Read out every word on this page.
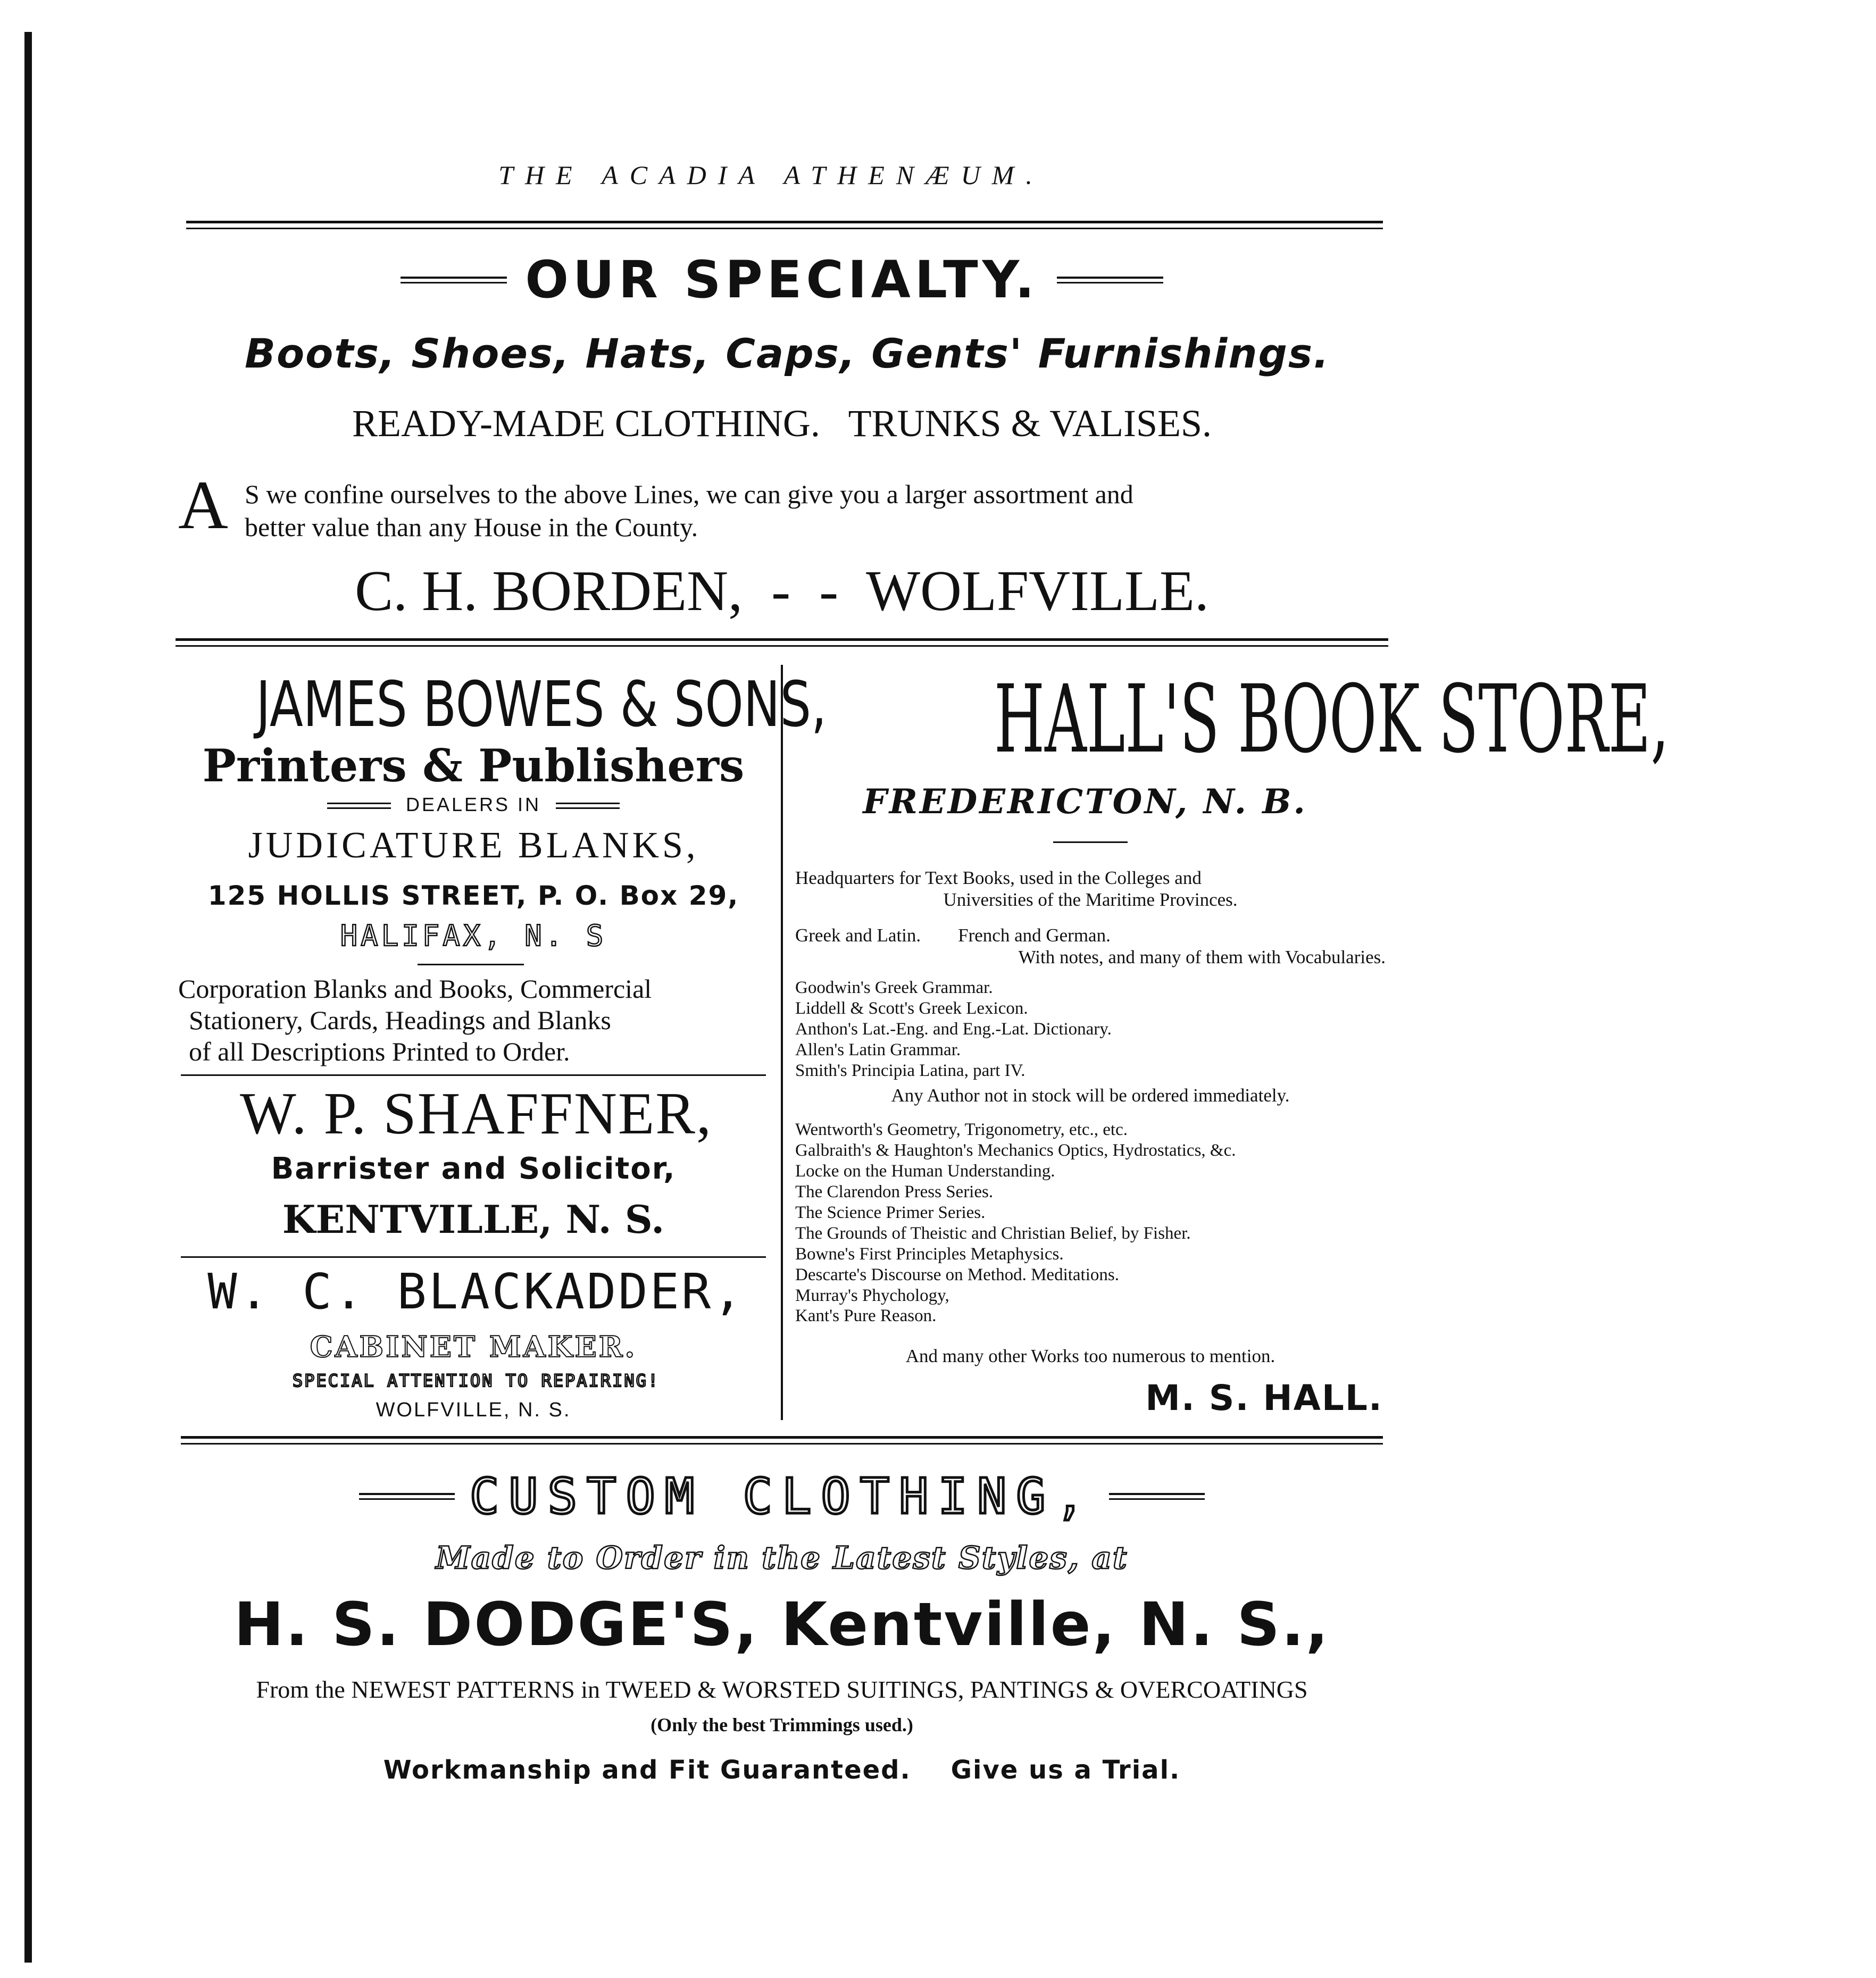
THE ACADIA ATHENÆUM.
OUR SPECIALTY.
Boots, Shoes, Hats, Caps, Gents' Furnishings.
READY-MADE CLOTHING.   TRUNKS & VALISES.
A S we confine ourselves to the above Lines, we can give you a larger assortment and
better value than any House in the County.
C. H. BORDEN,  -  -  WOLFVILLE.
JAMES BOWES & SONS,
Printers & Publishers
DEALERS IN
JUDICATURE BLANKS,
125 HOLLIS STREET, P. O. Box 29,
HALIFAX, N. S
Corporation Blanks and Books, Commercial
Stationery, Cards, Headings and Blanks
of all Descriptions Printed to Order.
W. P. SHAFFNER,
Barrister and Solicitor,
KENTVILLE, N. S.
W. C. BLACKADDER,
CABINET MAKER.
SPECIAL ATTENTION TO REPAIRING!
WOLFVILLE, N. S.
HALL'S BOOK STORE,
FREDERICTON, N. B.
Headquarters for Text Books, used in the Colleges and
Universities of the Maritime Provinces.
Greek and Latin.        French and German.
With notes, and many of them with Vocabularies.
Goodwin's Greek Grammar.
Liddell & Scott's Greek Lexicon.
Anthon's Lat.-Eng. and Eng.-Lat. Dictionary.
Allen's Latin Grammar.
Smith's Principia Latina, part IV.
Any Author not in stock will be ordered immediately.
Wentworth's Geometry, Trigonometry, etc., etc.
Galbraith's & Haughton's Mechanics Optics, Hydrostatics, &c.
Locke on the Human Understanding.
The Clarendon Press Series.
The Science Primer Series.
The Grounds of Theistic and Christian Belief, by Fisher.
Bowne's First Principles Metaphysics.
Descarte's Discourse on Method. Meditations.
Murray's Phychology,
Kant's Pure Reason.
And many other Works too numerous to mention.
M. S. HALL.
CUSTOM CLOTHING,
Made to Order in the Latest Styles, at
H. S. DODGE'S, Kentville, N. S.,
From the NEWEST PATTERNS in TWEED & WORSTED SUITINGS, PANTINGS & OVERCOATINGS
(Only the best Trimmings used.)
Workmanship and Fit Guaranteed.    Give us a Trial.
